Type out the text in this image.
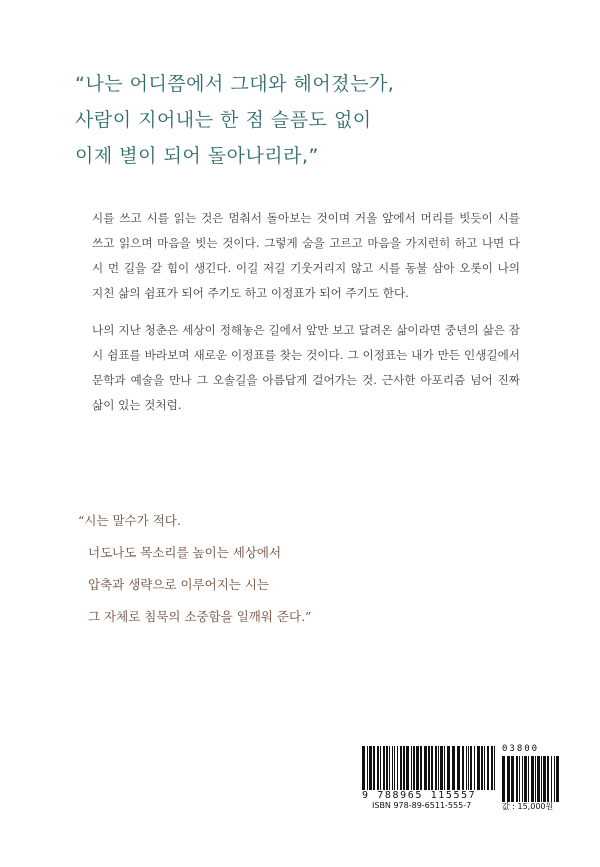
“나는 어디쯤에서 그대와 헤어졌는가,
사람이 지어내는 한 점 슬픔도 없이
이제 별이 되어 돌아나리라,”

시를 쓰고 시를 읽는 것은 멈춰서 돌아보는 것이며 거울 앞에서 머리를 빗듯이 시를 쓰고 읽으며 마음을 빗는 것이다. 그렇게 숨을 고르고 마음을 가지런히 하고 나면 다시 먼 길을 갈 힘이 생긴다. 이길 저길 기웃거리지 않고 시를 동불 삼아 오롯이 나의 지친 삶의 쉼표가 되어 주기도 하고 이정표가 되어 주기도 한다.

나의 지난 청춘은 세상이 정해놓은 길에서 앞만 보고 달려온 삶이라면 중년의 삶은 잠시 쉼표를 바라보며 새로운 이정표를 찾는 것이다. 그 이정표는 내가 만든 인생길에서 문학과 예술을 만나 그 오솔길을 아름답게 걸어가는 것. 근사한 아포리즘 넘어 진짜 삶이 있는 것처럼.

“시는 말수가 적다.
너도나도 목소리를 높이는 세상에서
압축과 생략으로 이루어지는 시는
그 자체로 침묵의 소중함을 일깨워 준다.”
9 788965 115557
ISBN 978-89-6511-555-7
03800
값 : 15,000원
